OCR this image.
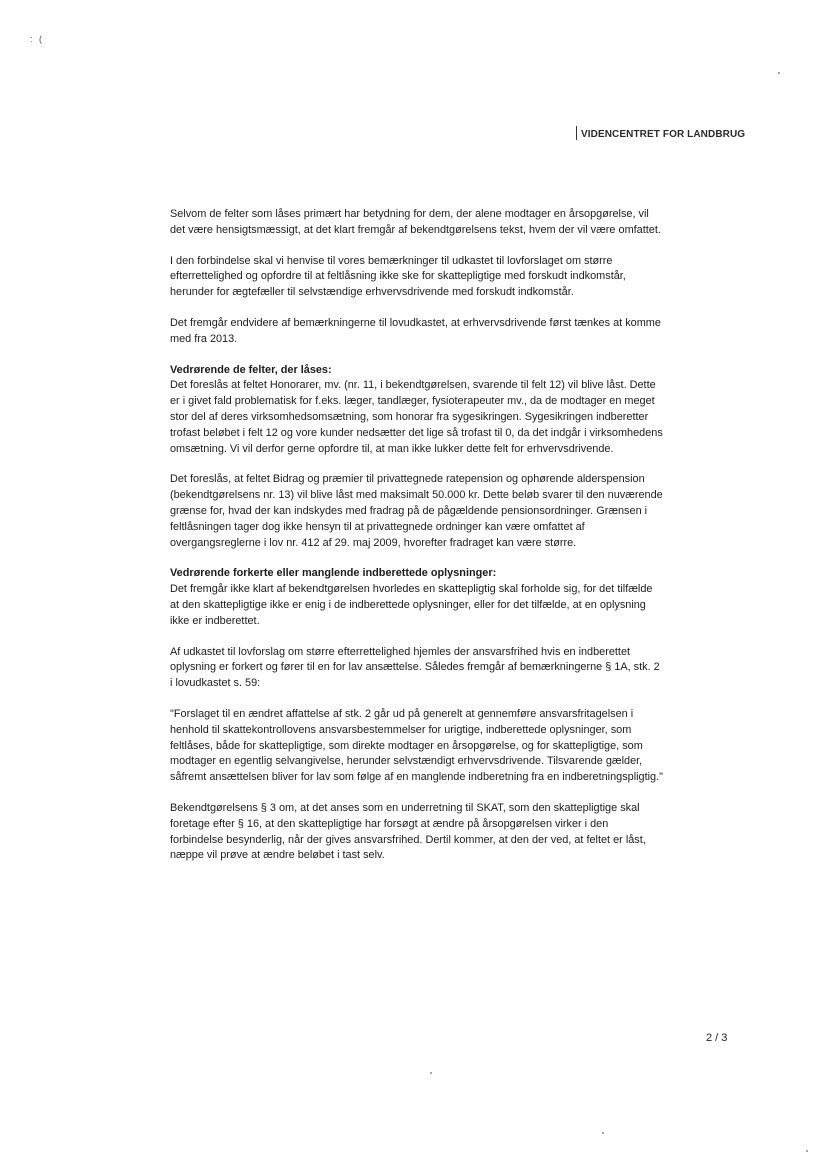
: (
VIDENCENTRET FOR LANDBRUG

Selvom de felter som låses primært har betydning for dem, der alene modtager en årsopgørelse, vil det være hensigtsmæssigt, at det klart fremgår af bekendtgørelsens tekst, hvem der vil være omfattet.

I den forbindelse skal vi henvise til vores bemærkninger til udkastet til lovforslaget om større efterrettelighed og opfordre til at feltlåsning ikke ske for skattepligtige med forskudt indkomstår, herunder for ægtefæller til selvstændige erhvervsdrivende med forskudt indkomstår.

Det fremgår endvidere af bemærkningerne til lovudkastet, at erhvervsdrivende først tænkes at komme med fra 2013.

Vedrørende de felter, der låses:

Det foreslås at feltet Honorarer, mv. (nr. 11, i bekendtgørelsen, svarende til felt 12) vil blive låst. Dette er i givet fald problematisk for f.eks. læger, tandlæger, fysioterapeuter mv., da de modtager en meget stor del af deres virksomhedsomsætning, som honorar fra sygesikringen. Sygesikringen indberetter trofast beløbet i felt 12 og vore kunder nedsætter det lige så trofast til 0, da det indgår i virksomhedens omsætning. Vi vil derfor gerne opfordre til, at man ikke lukker dette felt for erhvervsdrivende.

Det foreslås, at feltet Bidrag og præmier til privattegnede ratepension og ophørende alderspension (bekendtgørelsens nr. 13) vil blive låst med maksimalt 50.000 kr. Dette beløb svarer til den nuværende grænse for, hvad der kan indskydes med fradrag på de pågældende pensionsordninger. Grænsen i feltlåsningen tager dog ikke hensyn til at privattegnede ordninger kan være omfattet af overgangsreglerne i lov nr. 412 af 29. maj 2009, hvorefter fradraget kan være større.

Vedrørende forkerte eller manglende indberettede oplysninger:

Det fremgår ikke klart af bekendtgørelsen hvorledes en skattepligtig skal forholde sig, for det tilfælde at den skattepligtige ikke er enig i de indberettede oplysninger, eller for det tilfælde, at en oplysning ikke er indberettet.

Af udkastet til lovforslag om større efterrettelighed hjemles der ansvarsfrihed hvis en indberettet oplysning er forkert og fører til en for lav ansættelse. Således fremgår af bemærkningerne § 1A, stk. 2 i lovudkastet s. 59:

"Forslaget til en ændret affattelse af stk. 2 går ud på generelt at gennemføre ansvarsfritagelsen i henhold til skattekontrollovens ansvarsbestemmelser for urigtige, indberettede oplysninger, som feltlåses, både for skattepligtige, som direkte modtager en årsopgørelse, og for skattepligtige, som modtager en egentlig selvangivelse, herunder selvstændigt erhvervsdrivende. Tilsvarende gælder, såfremt ansættelsen bliver for lav som følge af en manglende indberetning fra en indberetningspligtig."

Bekendtgørelsens § 3 om, at det anses som en underretning til SKAT, som den skattepligtige skal foretage efter § 16, at den skattepligtige har forsøgt at ændre på årsopgørelsen virker i den forbindelse besynderlig, når der gives ansvarsfrihed. Dertil kommer, at den der ved, at feltet er låst, næppe vil prøve at ændre beløbet i tast selv.

2 / 3
